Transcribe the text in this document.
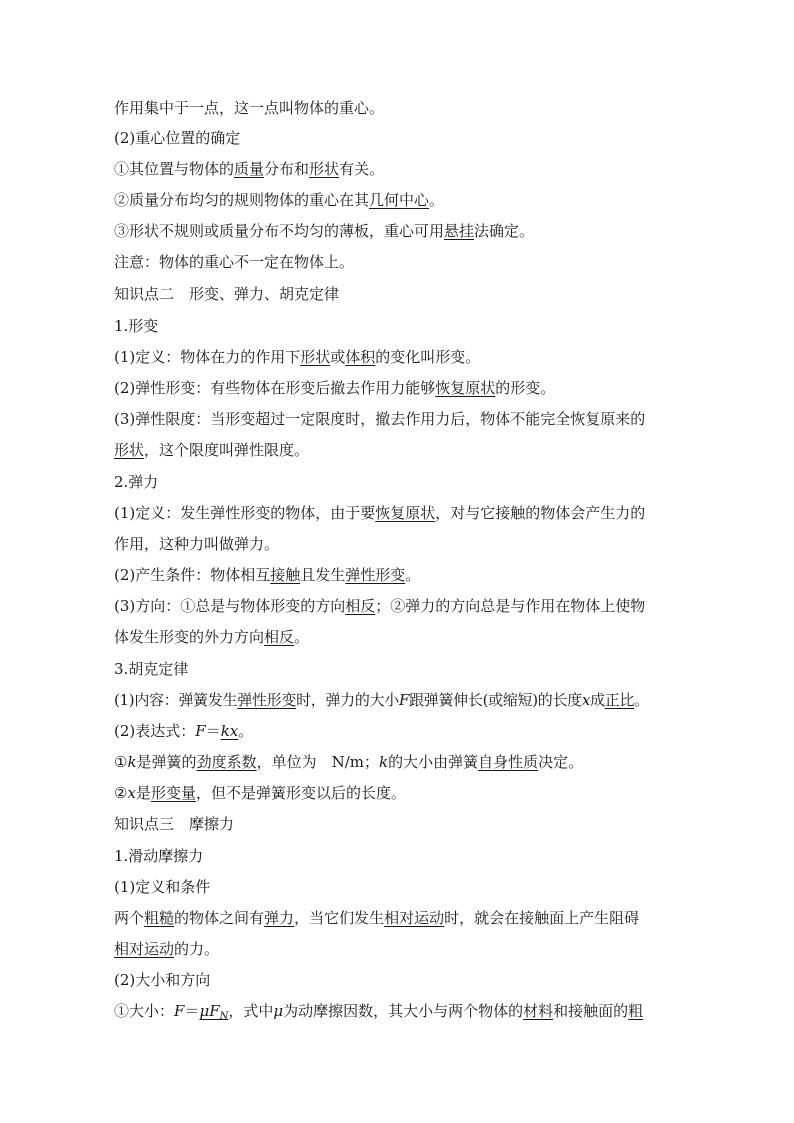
作用集中于一点，这一点叫物体的重心。
(2)重心位置的确定
①其位置与物体的质量分布和形状有关。
②质量分布均匀的规则物体的重心在其几何中心。
③形状不规则或质量分布不均匀的薄板，重心可用悬挂法确定。
注意：物体的重心不一定在物体上。
知识点二　形变、弹力、胡克定律
1.形变
(1)定义：物体在力的作用下形状或体积的变化叫形变。
(2)弹性形变：有些物体在形变后撤去作用力能够恢复原状的形变。
(3)弹性限度：当形变超过一定限度时，撤去作用力后，物体不能完全恢复原来的
形状，这个限度叫弹性限度。
2.弹力
(1)定义：发生弹性形变的物体，由于要恢复原状，对与它接触的物体会产生力的
作用，这种力叫做弹力。
(2)产生条件：物体相互接触且发生弹性形变。
(3)方向：①总是与物体形变的方向相反；②弹力的方向总是与作用在物体上使物
体发生形变的外力方向相反。
3.胡克定律
(1)内容：弹簧发生弹性形变时，弹力的大小F跟弹簧伸长(或缩短)的长度x成正比。
(2)表达式：F＝kx。
①k是弹簧的劲度系数，单位为　N/m；k的大小由弹簧自身性质决定。
②x是形变量，但不是弹簧形变以后的长度。
知识点三　摩擦力
1.滑动摩擦力
(1)定义和条件
两个粗糙的物体之间有弹力，当它们发生相对运动时，就会在接触面上产生阻碍
相对运动的力。
(2)大小和方向
①大小：$F=\mu F_N$，式中μ为动摩擦因数，其大小与两个物体的材料和接触面的粗
